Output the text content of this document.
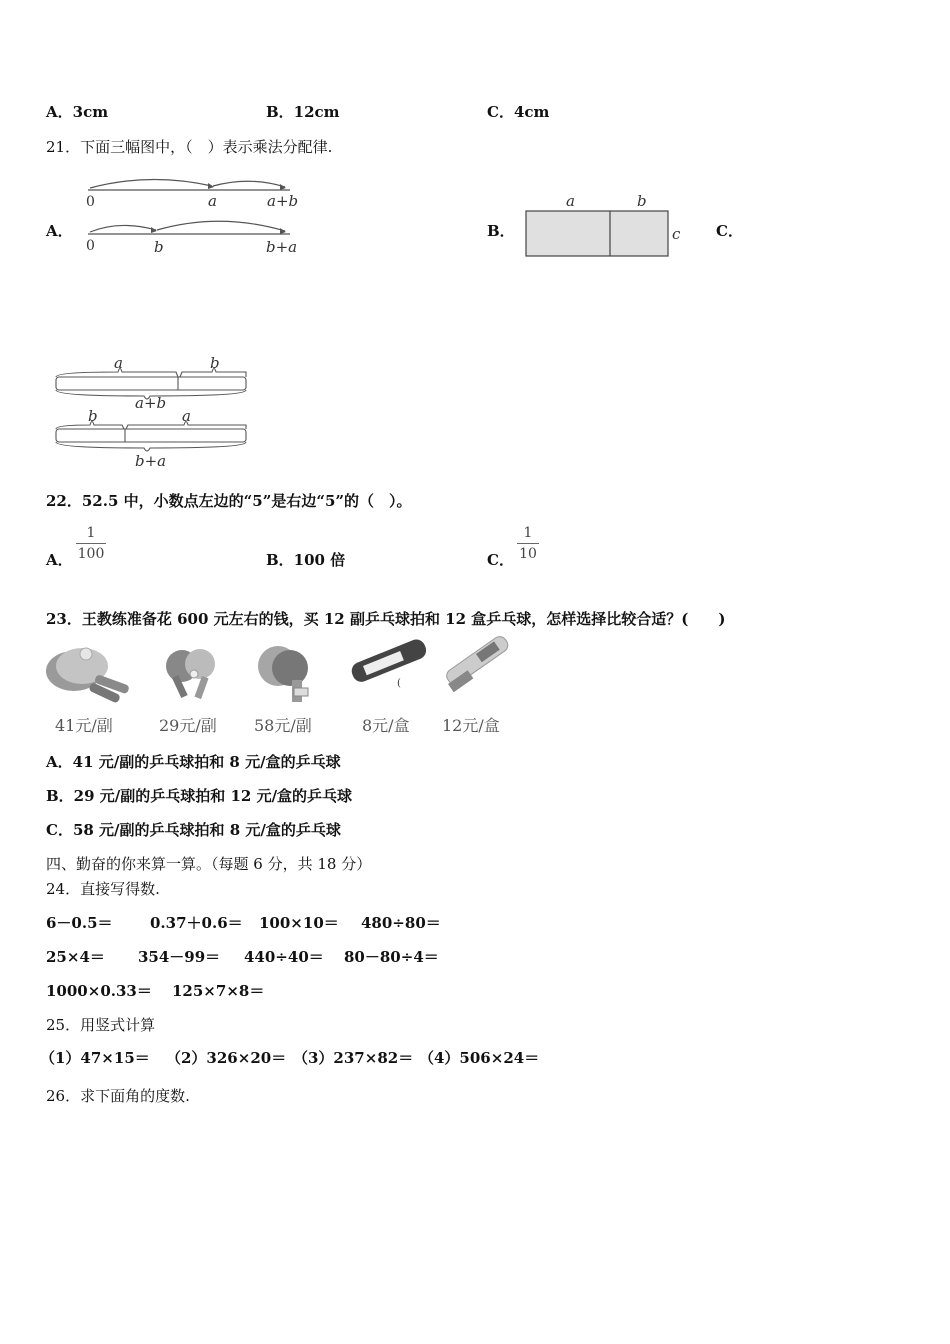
A．3cm	B．12cm	C．4cm
21．下面三幅图中，（　）表示乘法分配律.
A．	B．	C．
0	a	a+b
0	b	b+a
a	b
c
a	b
a+b
b	a
b+a
22．52.5 中，小数点左边的“5”是右边“5”的（　）。
A．
1
100	B．100 倍	C．
1
10
23．王教练准备花 600 元左右的钱，买 12 副乒乓球拍和 12 盒乒乓球，怎样选择比较合适？(　　)
(
41元/副	29元/副 58元/副	8元/盒 12元/盒
A．41 元/副的乒乓球拍和 8 元/盒的乒乓球
B．29 元/副的乒乓球拍和 12 元/盒的乒乓球
C．58 元/副的乒乓球拍和 8 元/盒的乒乓球
四、勤奋的你来算一算。（每题 6 分，共 18 分）
24．直接写得数.
6－0.5＝ 0.37＋0.6＝ 100×10＝ 480÷80＝
25×4＝ 354－99＝ 440÷40＝ 80－80÷4＝
1000×0.33＝ 125×7×8＝
25．用竖式计算
（1）47×15＝ （2）326×20＝ （3）237×82＝ （4）506×24＝
26．求下面角的度数.
